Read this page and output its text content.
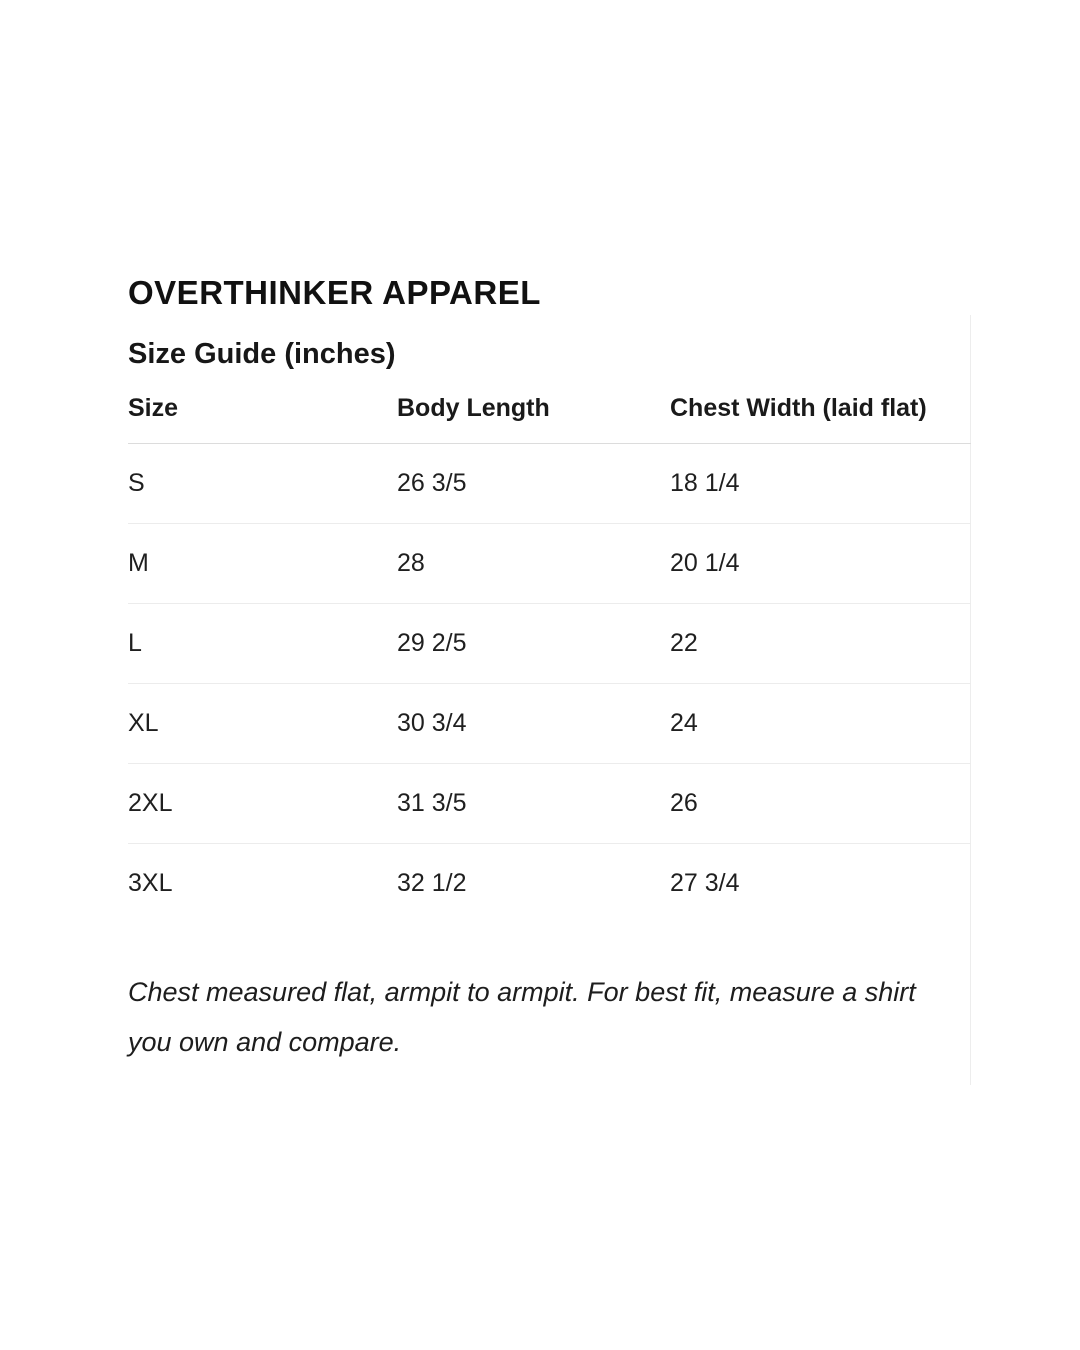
OVERTHINKER APPAREL
Size Guide (inches)
Size	Body Length	Chest Width (laid flat)
S	26 3/5	18 1/4
M	28	20 1/4
L	29 2/5	22
XL	30 3/4	24
2XL	31 3/5	26
3XL	32 1/2	27 3/4
Chest measured flat, armpit to armpit. For best fit, measure a shirt
you own and compare.
